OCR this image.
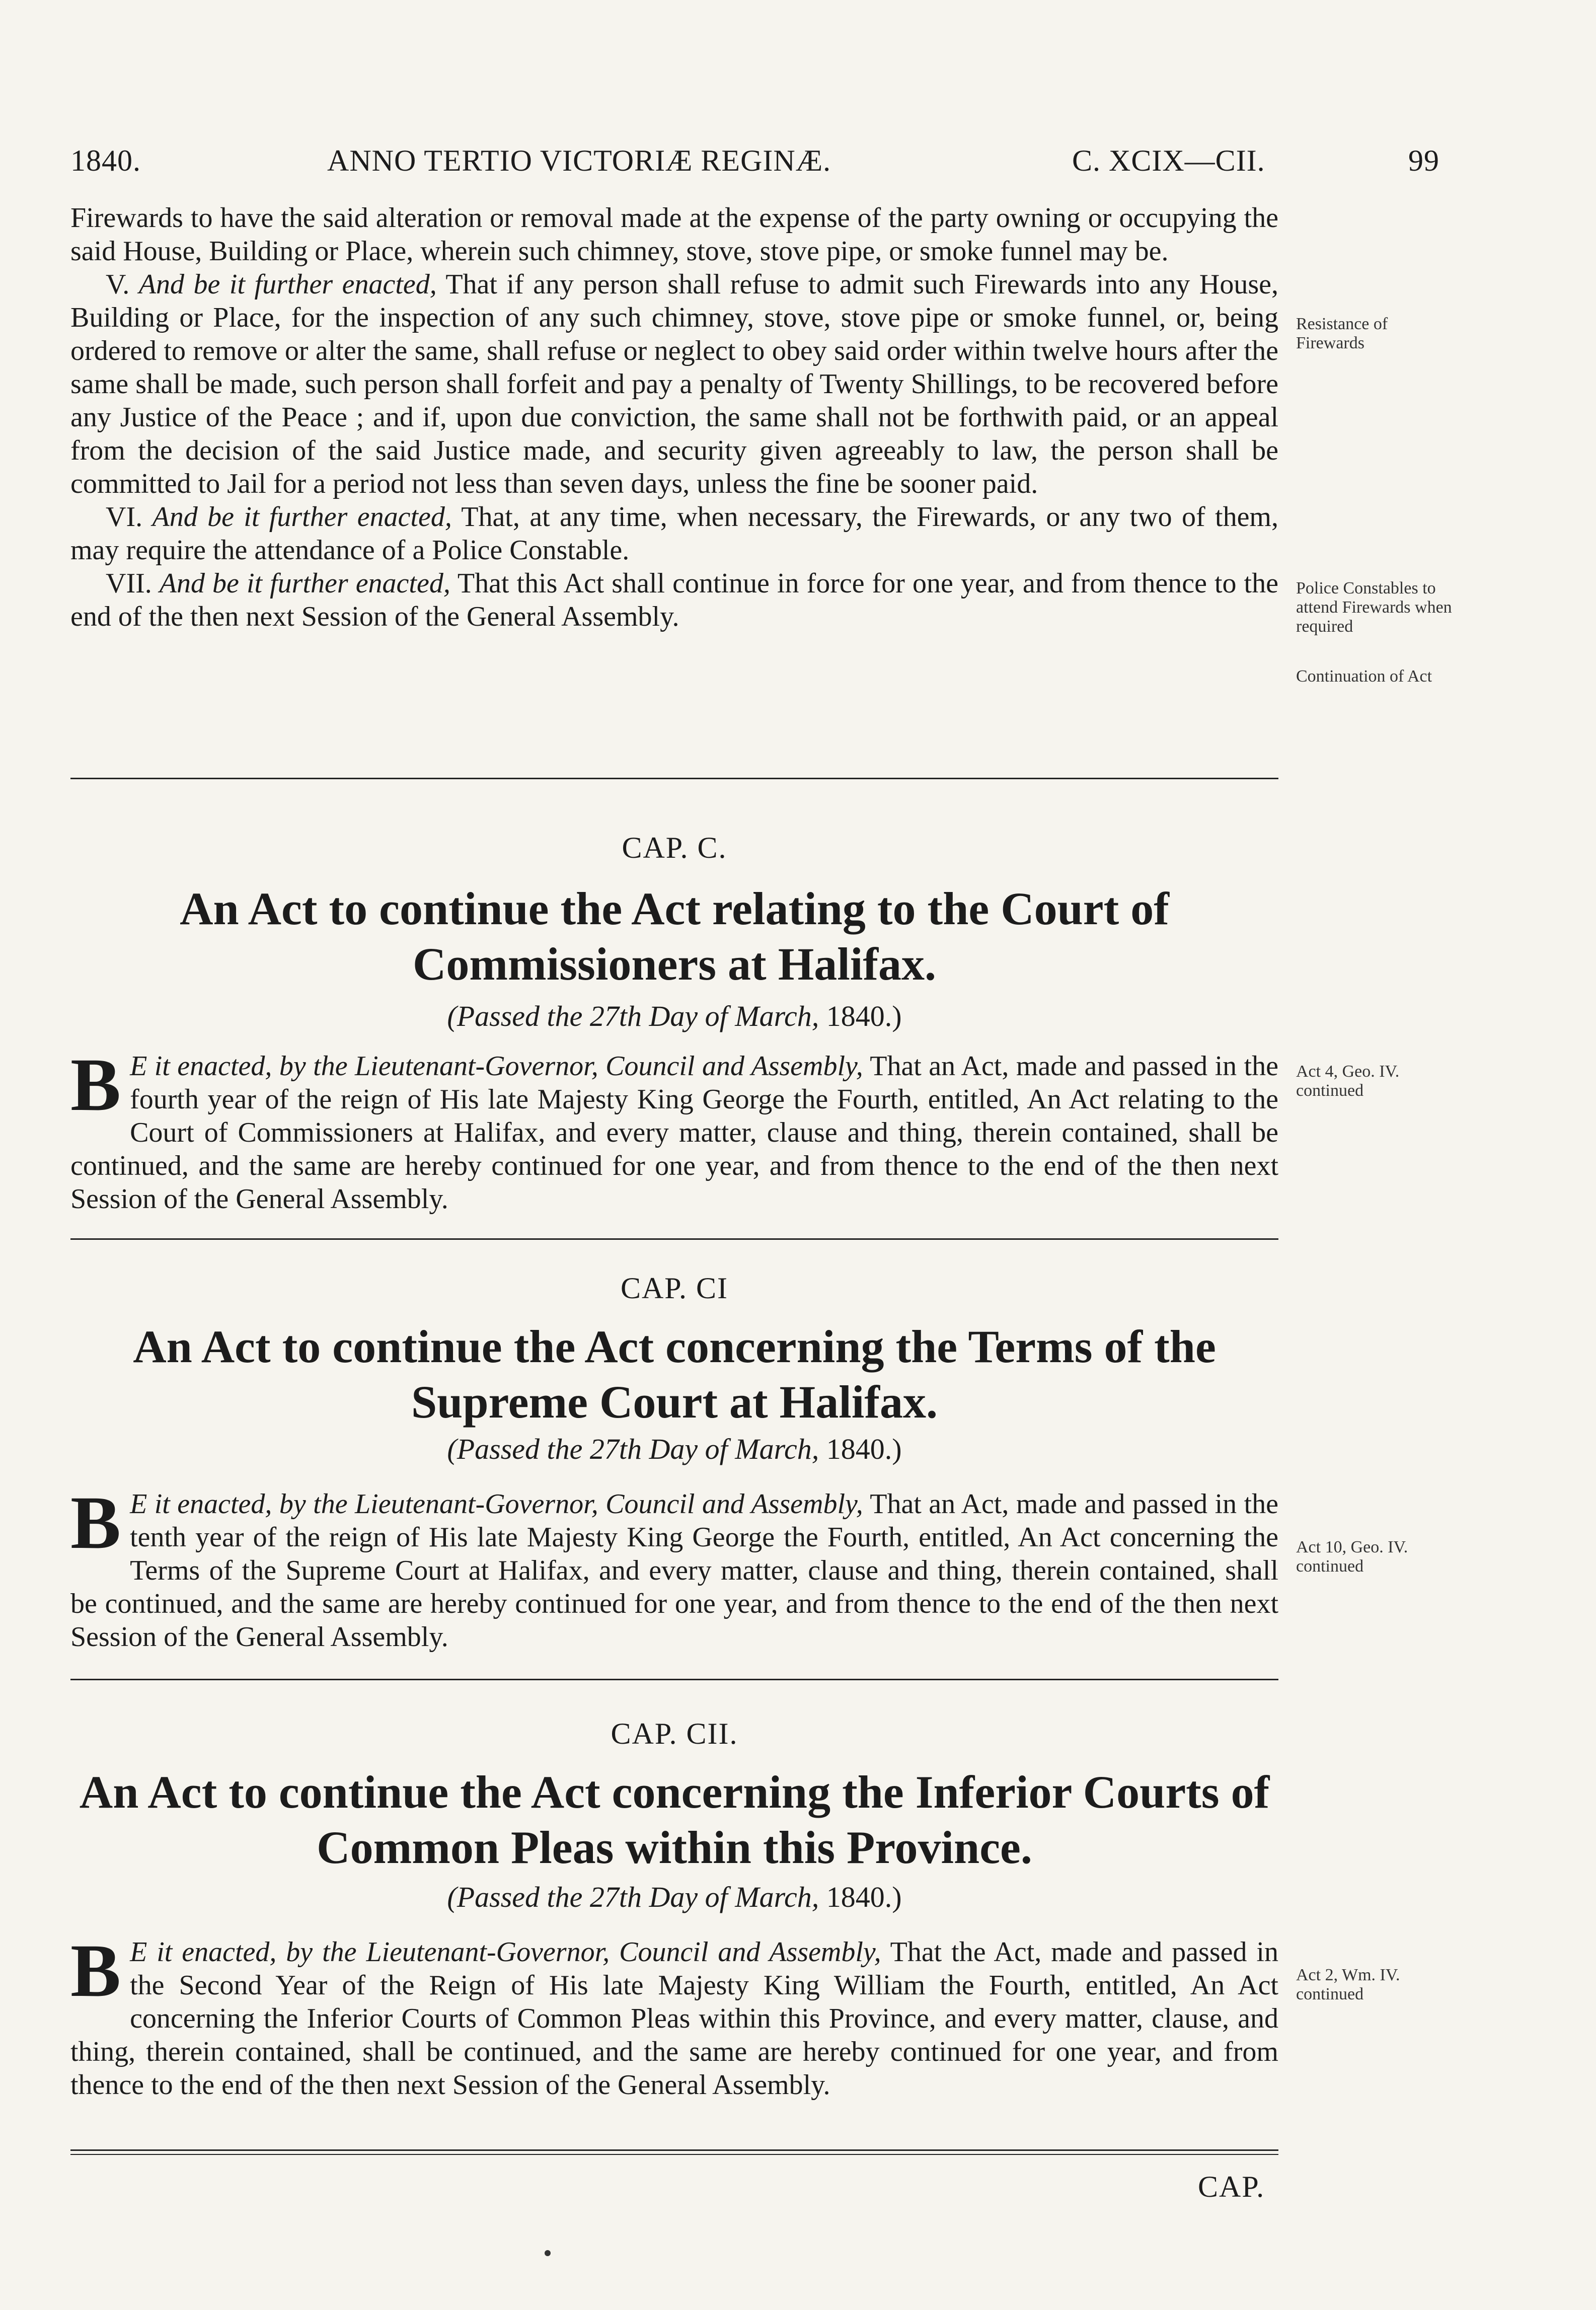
1840.	ANNO TERTIO VICTORIÆ REGINÆ.	C. XCIX—CII.	99

Firewards to have the said alteration or removal made at the expense of the party owning or occupying the said House, Building or Place, wherein such chimney, stove, stove pipe, or smoke funnel may be.

V. And be it further enacted, That if any person shall refuse to admit such Firewards into any House, Building or Place, for the inspection of any such chimney, stove, stove pipe or smoke funnel, or, being ordered to remove or alter the same, shall refuse or neglect to obey said order within twelve hours after the same shall be made, such person shall forfeit and pay a penalty of Twenty Shillings, to be recovered before any Justice of the Peace ; and if, upon due conviction, the same shall not be forthwith paid, or an appeal from the decision of the said Justice made, and security given agreeably to law, the person shall be committed to Jail for a period not less than seven days, unless the fine be sooner paid.

VI. And be it further enacted, That, at any time, when necessary, the Firewards, or any two of them, may require the attendance of a Police Constable.

VII. And be it further enacted, That this Act shall continue in force for one year, and from thence to the end of the then next Session of the General Assembly.

Resistance of Firewards
Police Constables to attend Firewards when required
Continuation of Act
CAP. C.
An Act to continue the Act relating to the Court of Commissioners at Halifax.
(Passed the 27th Day of March, 1840.)

B E it enacted, by the Lieutenant-Governor, Council and Assembly, That an Act, made and passed in the fourth year of the reign of His late Majesty King George the Fourth, entitled, An Act relating to the Court of Commissioners at Halifax, and every matter, clause and thing, therein contained, shall be continued, and the same are hereby continued for one year, and from thence to the end of the then next Session of the General Assembly.

Act 4, Geo. IV. continued
CAP. CI
An Act to continue the Act concerning the Terms of the Supreme Court at Halifax.
(Passed the 27th Day of March, 1840.)

B E it enacted, by the Lieutenant-Governor, Council and Assembly, That an Act, made and passed in the tenth year of the reign of His late Majesty King George the Fourth, entitled, An Act concerning the Terms of the Supreme Court at Halifax, and every matter, clause and thing, therein contained, shall be continued, and the same are hereby continued for one year, and from thence to the end of the then next Session of the General Assembly.

Act 10, Geo. IV. continued
CAP. CII.
An Act to continue the Act concerning the Inferior Courts of Common Pleas within this Province.
(Passed the 27th Day of March, 1840.)

B E it enacted, by the Lieutenant-Governor, Council and Assembly, That the Act, made and passed in the Second Year of the Reign of His late Majesty King William the Fourth, entitled, An Act concerning the Inferior Courts of Common Pleas within this Province, and every matter, clause, and thing, therein contained, shall be continued, and the same are hereby continued for one year, and from thence to the end of the then next Session of the General Assembly.

Act 2, Wm. IV. continued
CAP.
